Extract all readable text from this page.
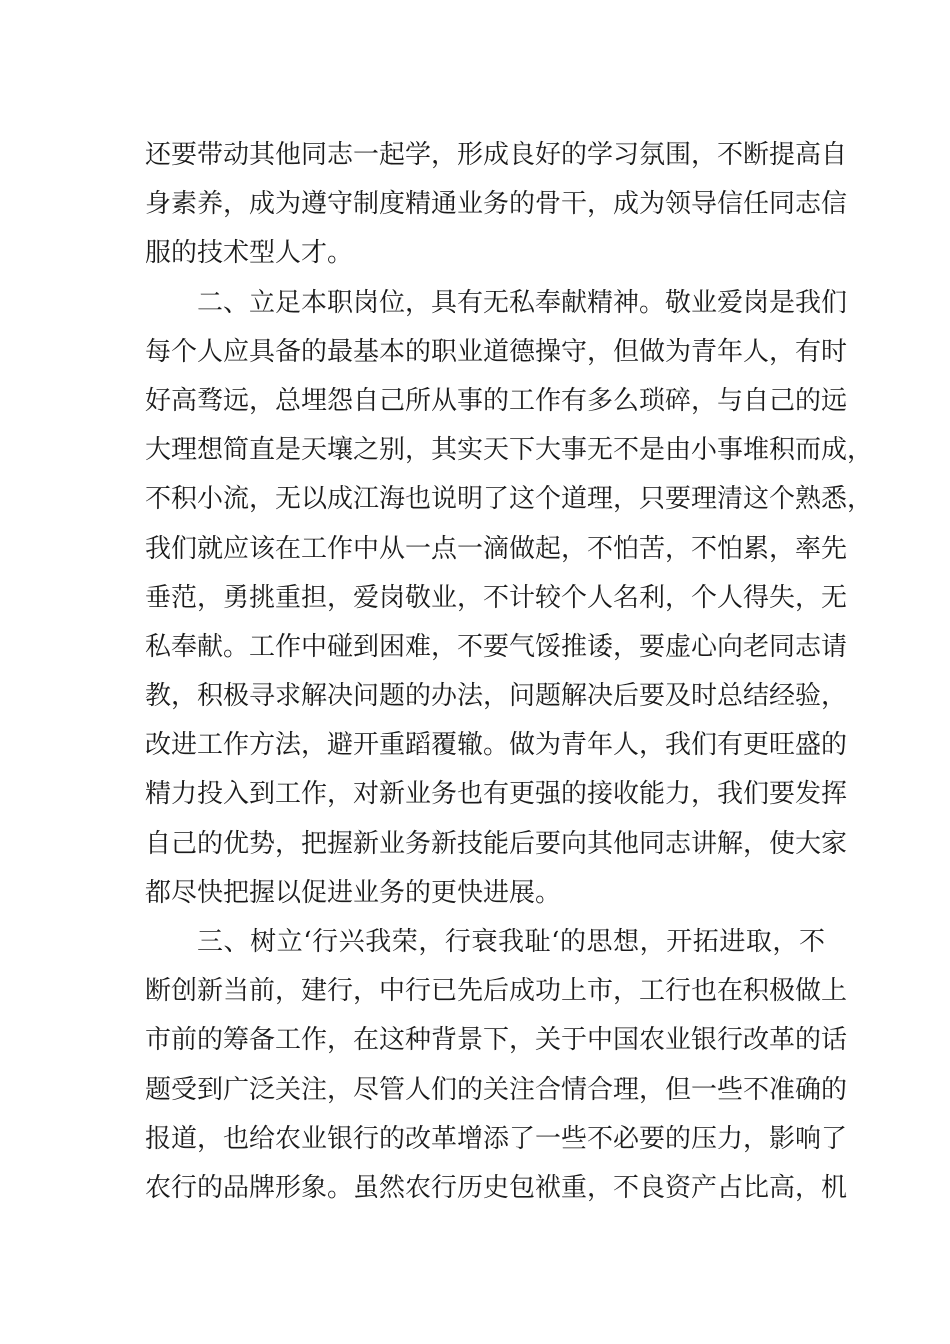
还要带动其他同志一起学，形成良好的学习氛围，不断提高自
身素养，成为遵守制度精通业务的骨干，成为领导信任同志信
服的技术型人才。
二、立足本职岗位，具有无私奉献精神。敬业爱岗是我们
每个人应具备的最基本的职业道德操守，但做为青年人，有时
好高骛远，总埋怨自己所从事的工作有多么琐碎，与自己的远
大理想简直是天壤之别，其实天下大事无不是由小事堆积而成，
不积小流，无以成江海也说明了这个道理，只要理清这个熟悉，
我们就应该在工作中从一点一滴做起，不怕苦，不怕累，率先
垂范，勇挑重担，爱岗敬业，不计较个人名利，个人得失，无
私奉献。工作中碰到困难，不要气馁推诿，要虚心向老同志请
教，积极寻求解决问题的办法，问题解决后要及时总结经验，
改进工作方法，避开重蹈覆辙。做为青年人，我们有更旺盛的
精力投入到工作，对新业务也有更强的接收能力，我们要发挥
自己的优势，把握新业务新技能后要向其他同志讲解，使大家
都尽快把握以促进业务的更快进展。
三、树立‘行兴我荣，行衰我耻‘的思想，开拓进取，不
断创新当前，建行，中行已先后成功上市，工行也在积极做上
市前的筹备工作，在这种背景下，关于中国农业银行改革的话
题受到广泛关注，尽管人们的关注合情合理，但一些不准确的
报道，也给农业银行的改革增添了一些不必要的压力，影响了
农行的品牌形象。虽然农行历史包袱重，不良资产占比高，机
